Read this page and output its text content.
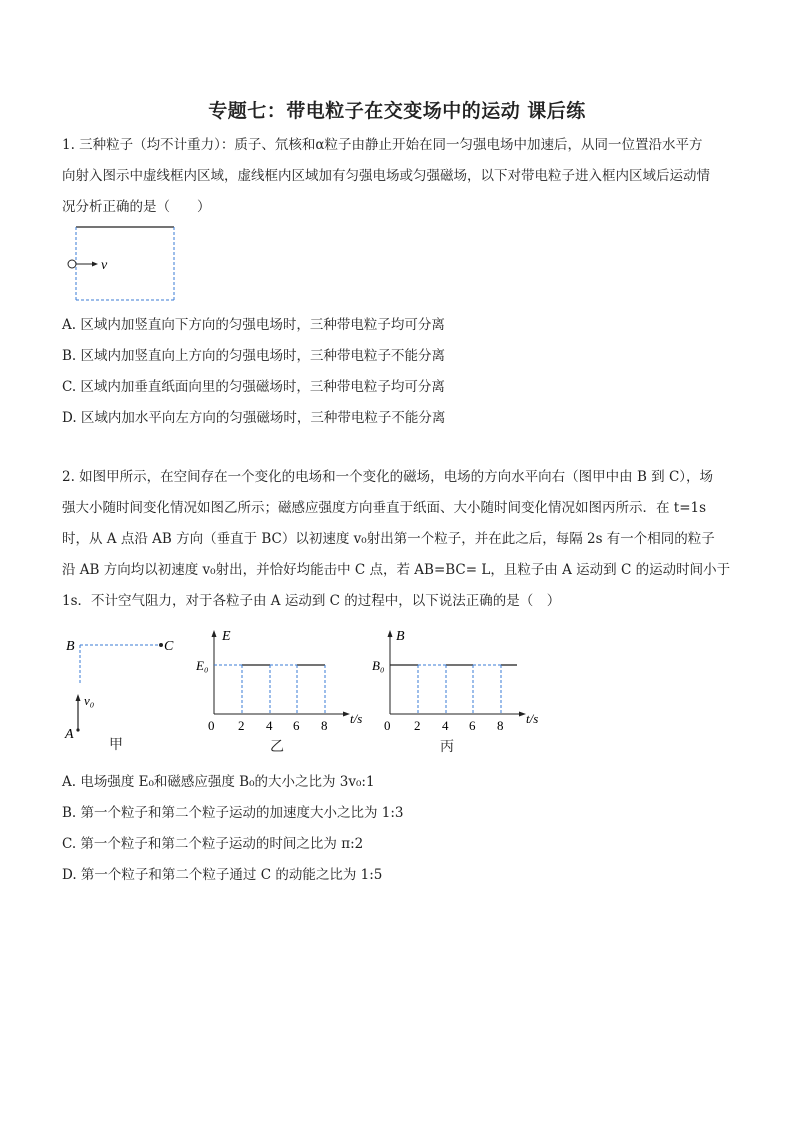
专题七：带电粒子在交变场中的运动 课后练
1. 三种粒子（均不计重力）：质子、氘核和α粒子由静止开始在同一匀强电场中加速后，从同一位置沿水平方
向射入图示中虚线框内区域，虚线框内区域加有匀强电场或匀强磁场，以下对带电粒子进入框内区域后运动情
况分析正确的是（　　）
v
A. 区域内加竖直向下方向的匀强电场时，三种带电粒子均可分离
B. 区域内加竖直向上方向的匀强电场时，三种带电粒子不能分离
C. 区域内加垂直纸面向里的匀强磁场时，三种带电粒子均可分离
D. 区域内加水平向左方向的匀强磁场时，三种带电粒子不能分离
2. 如图甲所示，在空间存在一个变化的电场和一个变化的磁场，电场的方向水平向右（图甲中由 B 到 C），场
强大小随时间变化情况如图乙所示；磁感应强度方向垂直于纸面、大小随时间变化情况如图丙所示．在 t=1s
时，从 A 点沿 AB 方向（垂直于 BC）以初速度 v₀射出第一个粒子，并在此之后，每隔 2s 有一个相同的粒子
沿 AB 方向均以初速度 v₀射出，并恰好均能击中 C 点，若 AB=BC= L，且粒子由 A 运动到 C 的运动时间小于
1s．不计空气阻力，对于各粒子由 A 运动到 C 的过程中，以下说法正确的是（　）
B	C
v₀
A
甲
E
E₀
0 2 4 6 8 t/s
乙
B
B₀
0 2 4 6 8 t/s
丙
A. 电场强度 E₀和磁感应强度 B₀的大小之比为 3v₀:1
B. 第一个粒子和第二个粒子运动的加速度大小之比为 1:3
C. 第一个粒子和第二个粒子运动的时间之比为 π:2
D. 第一个粒子和第二个粒子通过 C 的动能之比为 1:5
